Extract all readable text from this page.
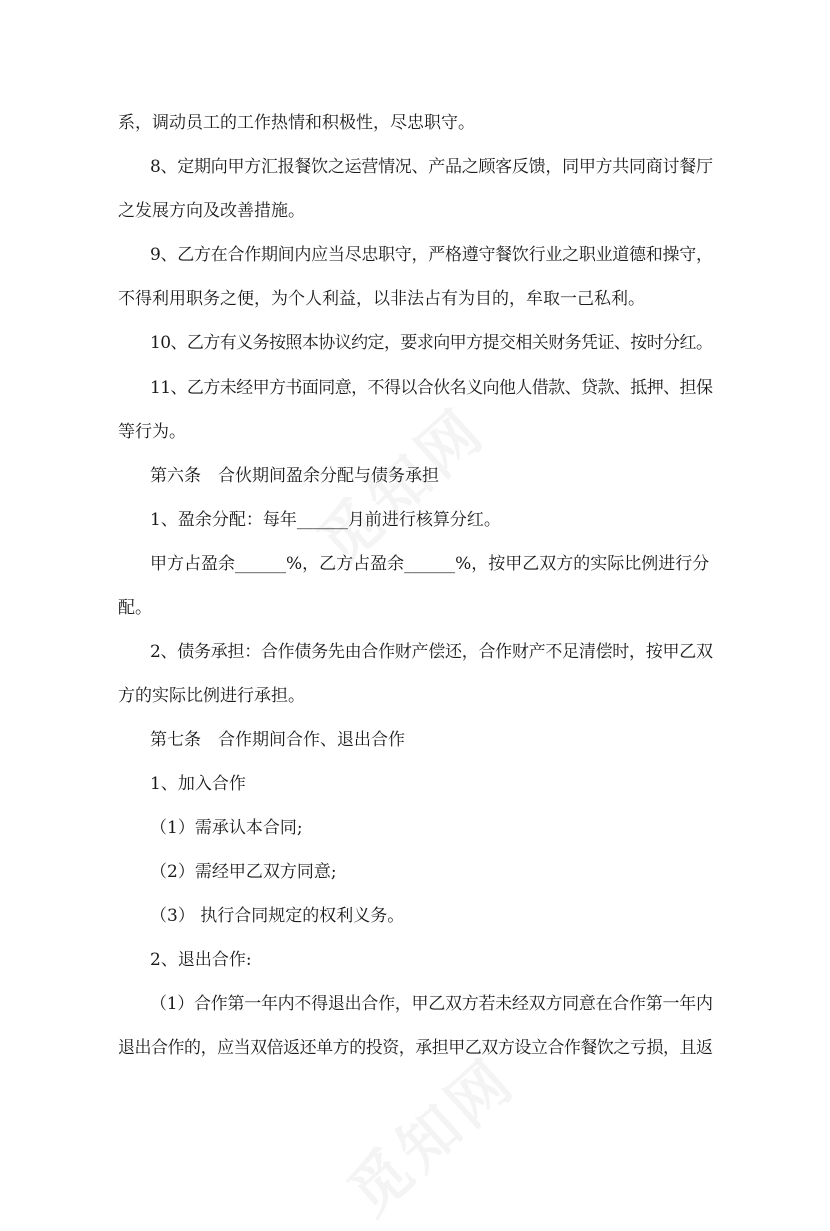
系，调动员工的工作热情和积极性，尽忠职守。
8、定期向甲方汇报餐饮之运营情况、产品之顾客反馈，同甲方共同商讨餐厅
之发展方向及改善措施。
9、乙方在合作期间内应当尽忠职守，严格遵守餐饮行业之职业道德和操守，
不得利用职务之便，为个人利益，以非法占有为目的，牟取一己私利。
10、乙方有义务按照本协议约定，要求向甲方提交相关财务凭证、按时分红。
11、乙方未经甲方书面同意，不得以合伙名义向他人借款、贷款、抵押、担保
等行为。
第六条　合伙期间盈余分配与债务承担
1、盈余分配：每年______月前进行核算分红。
甲方占盈余______%，乙方占盈余______%，按甲乙双方的实际比例进行分
配。
2、债务承担：合作债务先由合作财产偿还，合作财产不足清偿时，按甲乙双
方的实际比例进行承担。
第七条　合作期间合作、退出合作
1、加入合作
（1）需承认本合同;
（2）需经甲乙双方同意;
（3） 执行合同规定的权利义务。
2、退出合作:
（1）合作第一年内不得退出合作，甲乙双方若未经双方同意在合作第一年内
退出合作的，应当双倍返还单方的投资，承担甲乙双方设立合作餐饮之亏损，且返
